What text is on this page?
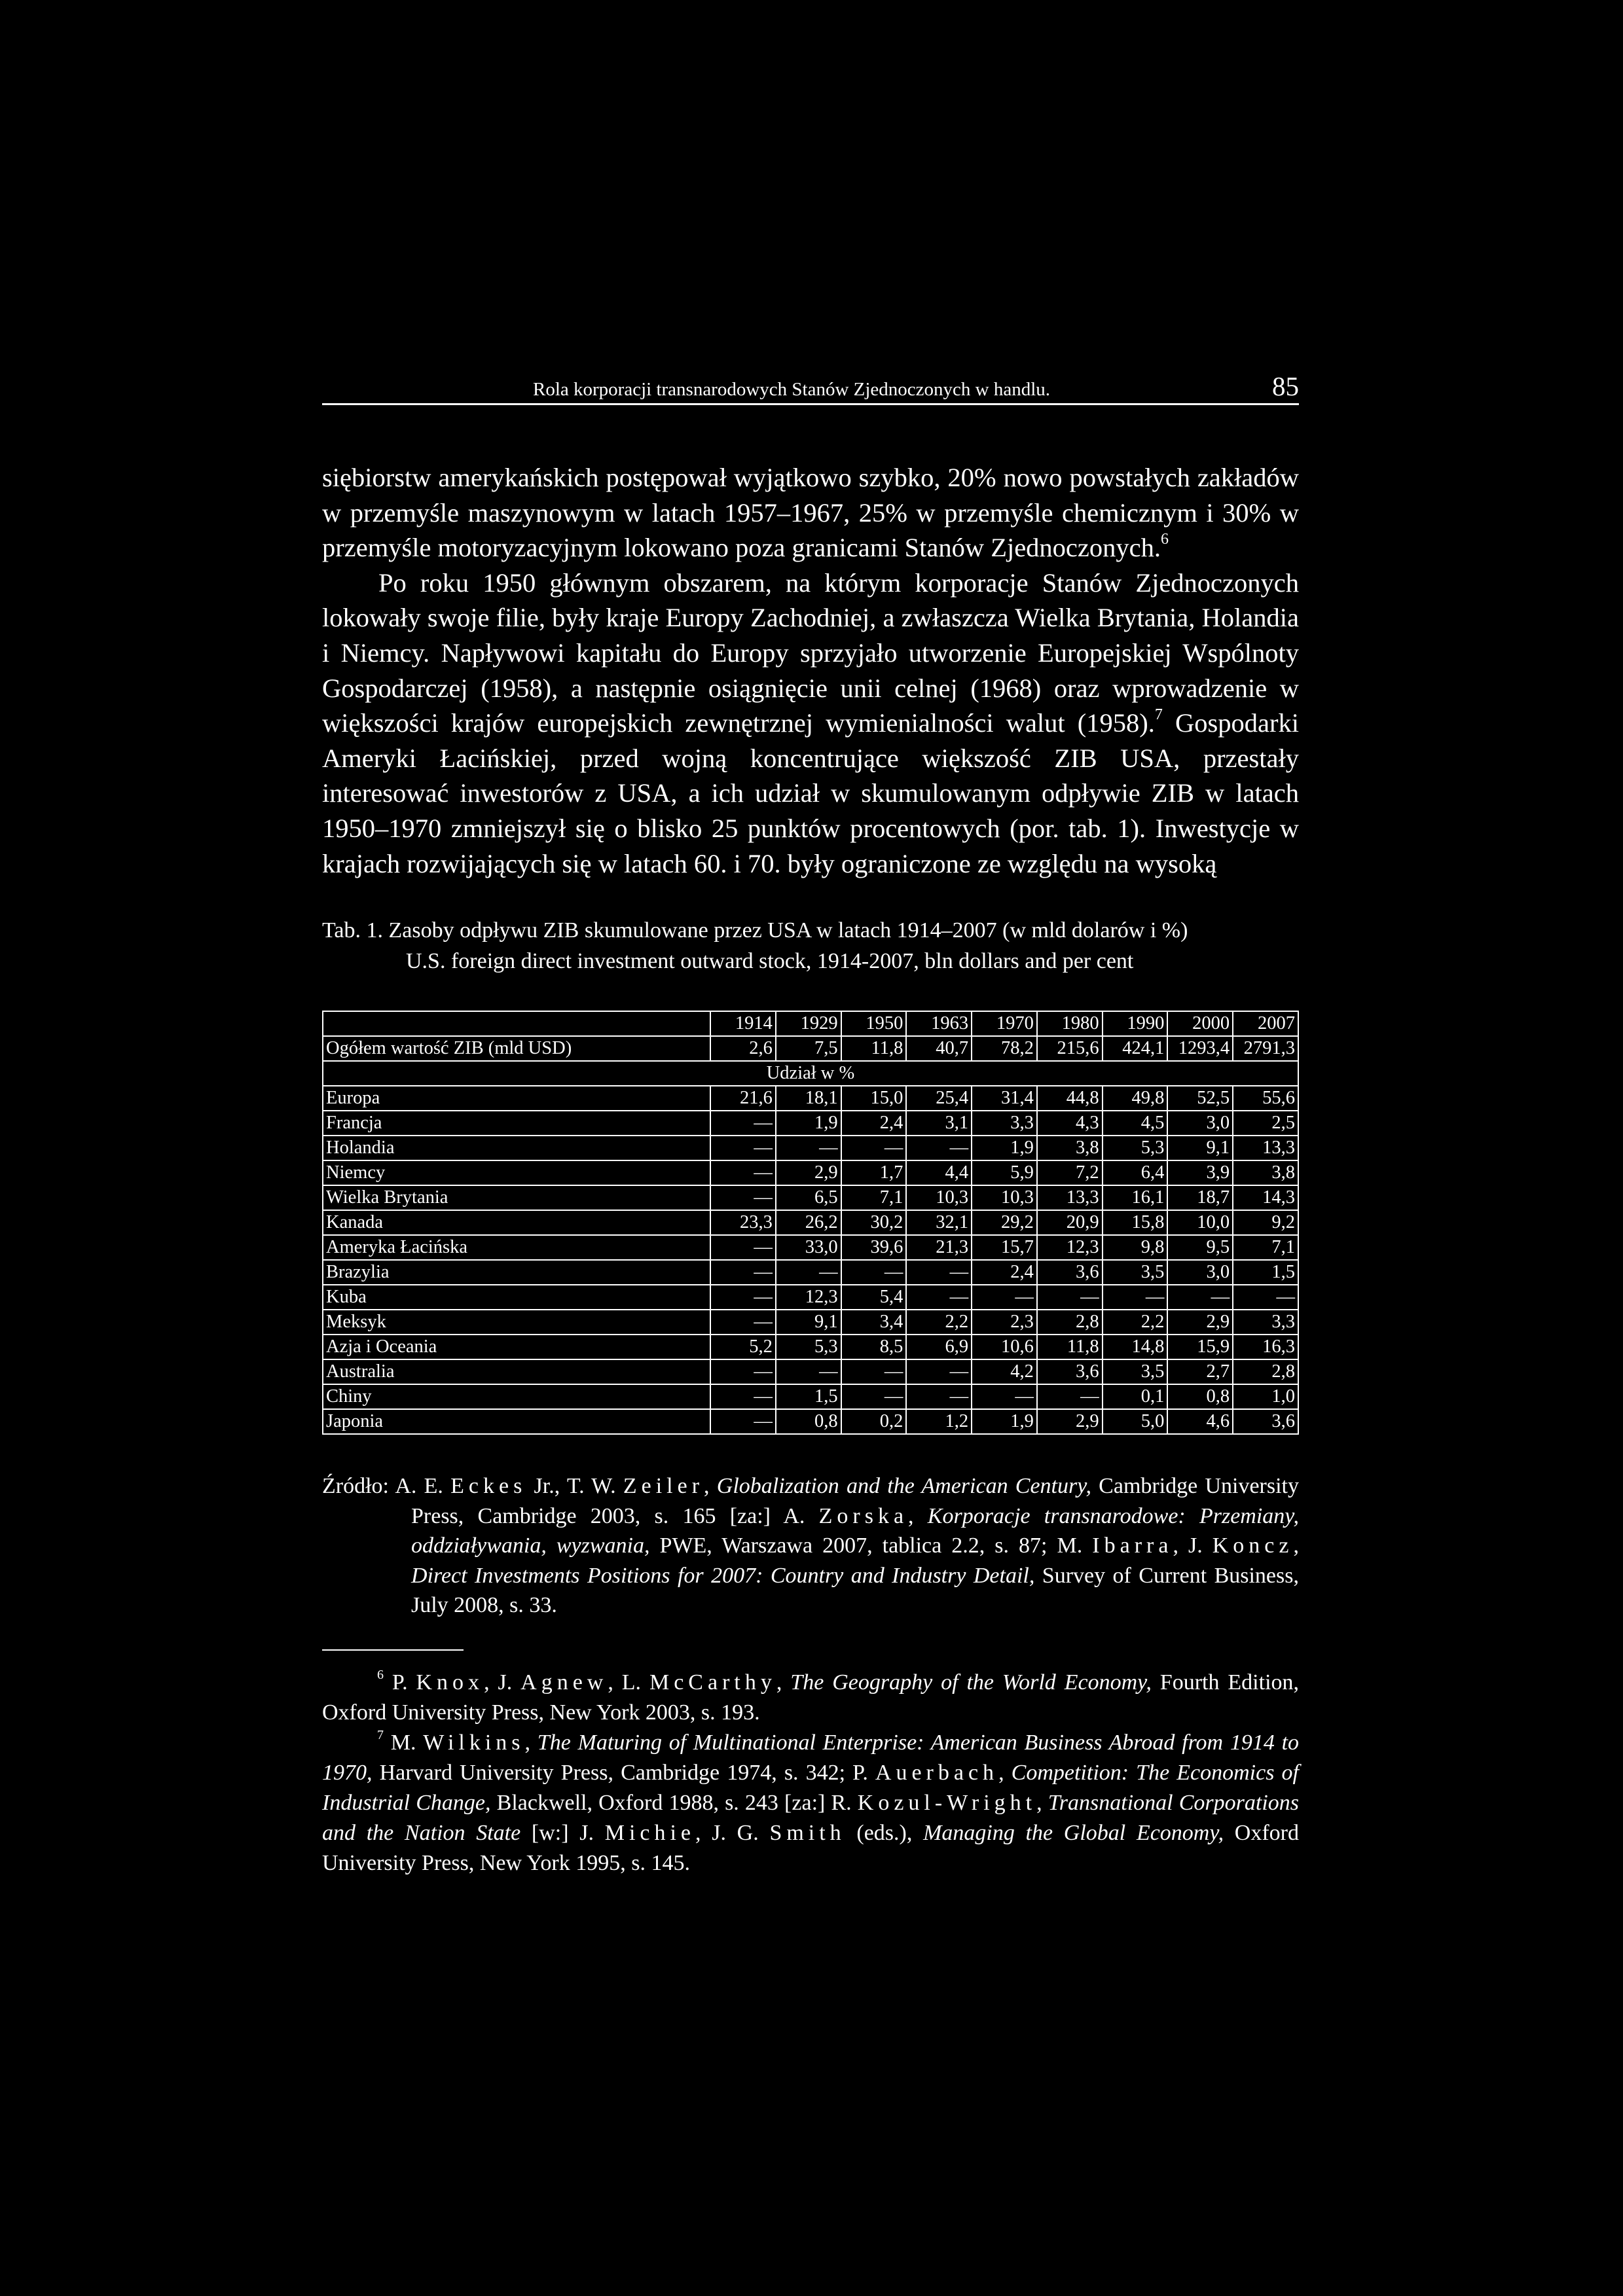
Rola korporacji transnarodowych Stanów Zjednoczonych w handlu.	85

siębiorstw amerykańskich postępował wyjątkowo szybko, 20% nowo powstałych zakładów w przemyśle maszynowym w latach 1957–1967, 25% w przemyśle chemicznym i 30% w przemyśle motoryzacyjnym lokowano poza granicami Stanów Zjednoczonych.$^6$

Po roku 1950 głównym obszarem, na którym korporacje Stanów Zjednoczonych lokowały swoje filie, były kraje Europy Zachodniej, a zwłaszcza Wielka Brytania, Holandia i Niemcy. Napływowi kapitału do Europy sprzyjało utworzenie Europejskiej Wspólnoty Gospodarczej (1958), a następnie osiągnięcie unii celnej (1968) oraz wprowadzenie w większości krajów europejskich zewnętrznej wymienialności walut (1958).$^7$ Gospodarki Ameryki Łacińskiej, przed wojną koncentrujące większość ZIB USA, przestały interesować inwestorów z USA, a ich udział w skumulowanym odpływie ZIB w latach 1950–1970 zmniejszył się o blisko 25 punktów procentowych (por. tab. 1). Inwestycje w krajach rozwijających się w latach 60. i 70. były ograniczone ze względu na wysoką

Tab. 1. Zasoby odpływu ZIB skumulowane przez USA w latach 1914–2007 (w mld dolarów i %)
U.S. foreign direct investment outward stock, 1914-2007, bln dollars and per cent
	1914	1929	1950	1963	1970	1980	1990	2000	2007
Ogółem wartość ZIB (mld USD)	2,6	7,5	11,8	40,7	78,2	215,6	424,1	1293,4	2791,3
Udział w %									
Europa	21,6	18,1	15,0	25,4	31,4	44,8	49,8	52,5	55,6
Francja	—	1,9	2,4	3,1	3,3	4,3	4,5	3,0	2,5
Holandia	—	—	—	—	1,9	3,8	5,3	9,1	13,3
Niemcy	—	2,9	1,7	4,4	5,9	7,2	6,4	3,9	3,8
Wielka Brytania	—	6,5	7,1	10,3	10,3	13,3	16,1	18,7	14,3
Kanada	23,3	26,2	30,2	32,1	29,2	20,9	15,8	10,0	9,2
Ameryka Łacińska	—	33,0	39,6	21,3	15,7	12,3	9,8	9,5	7,1
Brazylia	—	—	—	—	2,4	3,6	3,5	3,0	1,5
Kuba	—	12,3	5,4	—	—	—	—	—	—
Meksyk	—	9,1	3,4	2,2	2,3	2,8	2,2	2,9	3,3
Azja i Oceania	5,2	5,3	8,5	6,9	10,6	11,8	14,8	15,9	16,3
Australia	—	—	—	—	4,2	3,6	3,5	2,7	2,8
Chiny	—	1,5	—	—	—	—	0,1	0,8	1,0
Japonia	—	0,8	0,2	1,2	1,9	2,9	5,0	4,6	3,6
Źródło: A. E. Eckes Jr., T. W. Zeiler, Globalization and the American Century, Cambridge University Press, Cambridge 2003, s. 165 [za:] A. Zorska, Korporacje transnarodowe: Przemiany, oddziaływania, wyzwania, PWE, Warszawa 2007, tablica 2.2, s. 87; M. Ibarra, J. Koncz, Direct Investments Positions for 2007: Country and Industry Detail, Survey of Current Business, July 2008, s. 33.

$^6$ P. Knox, J. Agnew, L. McCarthy, The Geography of the World Economy, Fourth Edition, Oxford University Press, New York 2003, s. 193.

$^7$ M. Wilkins, The Maturing of Multinational Enterprise: American Business Abroad from 1914 to 1970, Harvard University Press, Cambridge 1974, s. 342; P. Auerbach, Competition: The Economics of Industrial Change, Blackwell, Oxford 1988, s. 243 [za:] R. Kozul-Wright, Transnational Corporations and the Nation State [w:] J. Michie, J. G. Smith (eds.), Managing the Global Economy, Oxford University Press, New York 1995, s. 145.
